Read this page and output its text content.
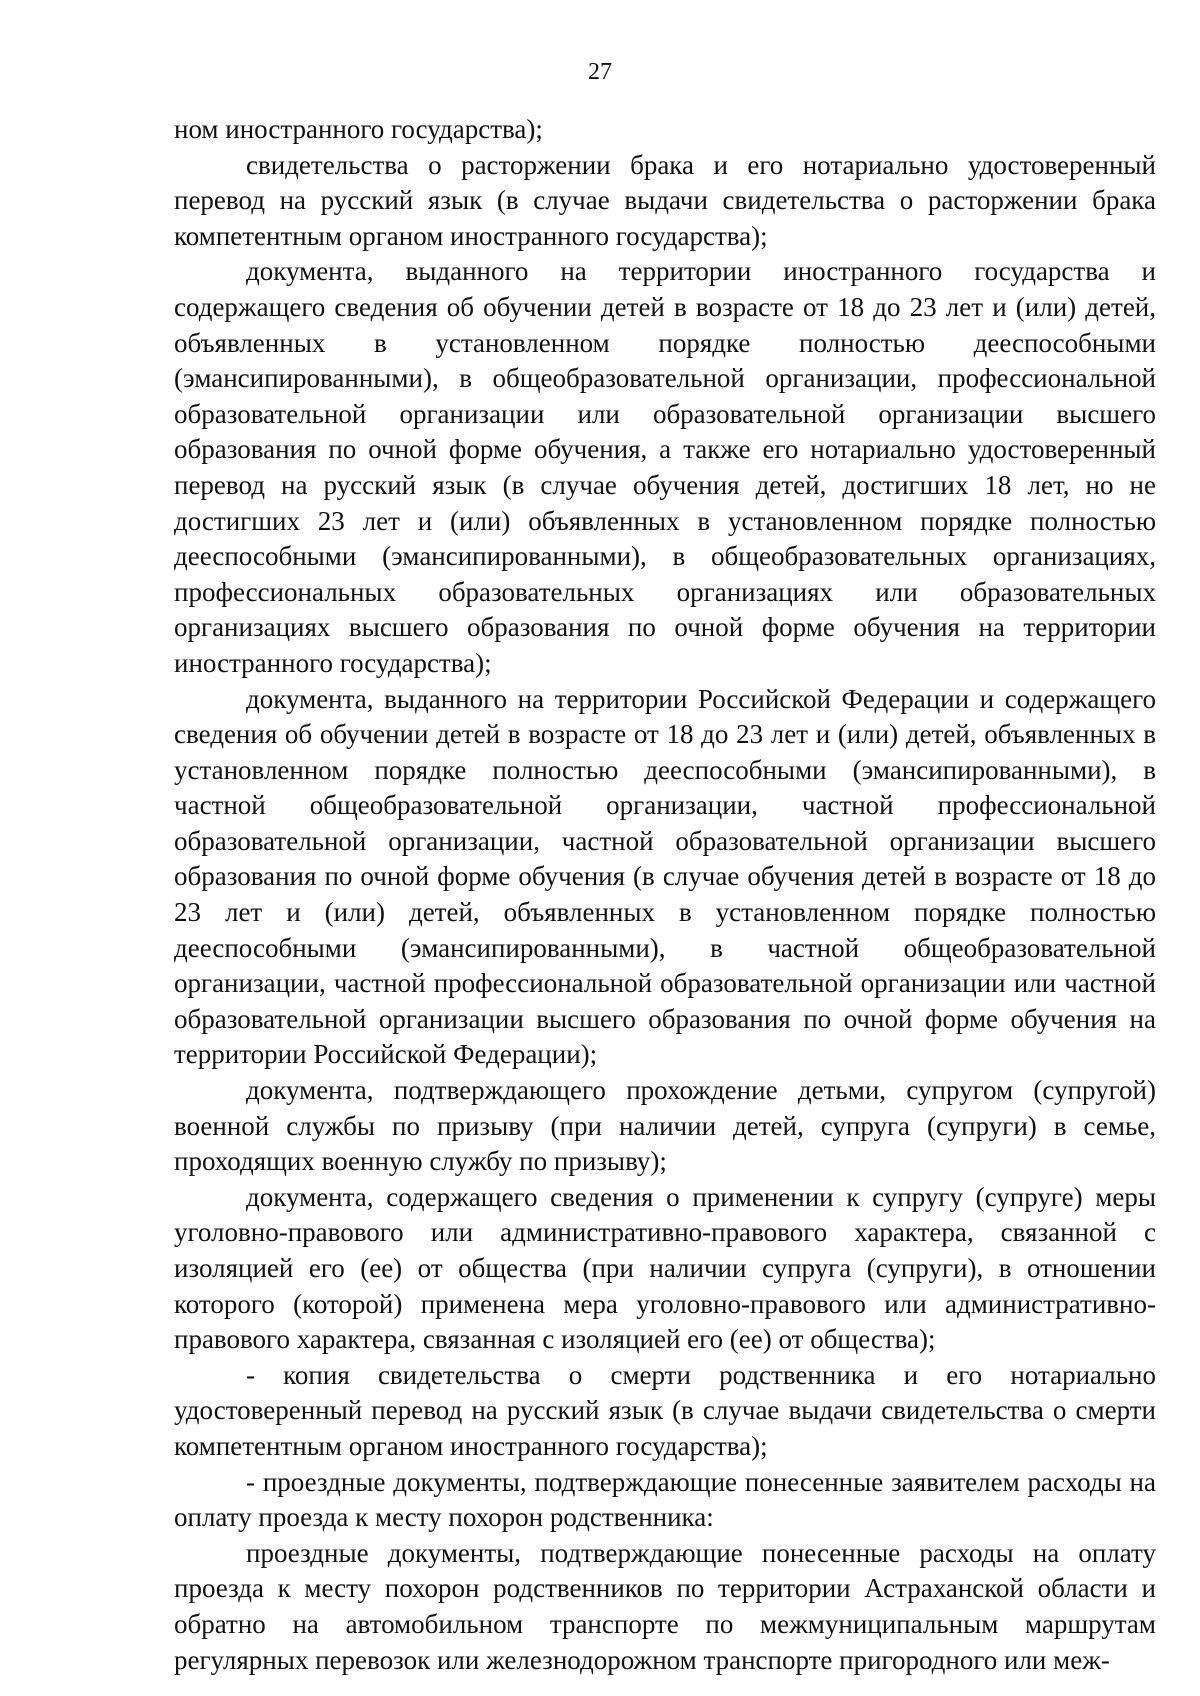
27

ном иностранного государства);

свидетельства о расторжении брака и его нотариально удостоверенный перевод на русский язык (в случае выдачи свидетельства о расторжении брака компетентным органом иностранного государства);

документа, выданного на территории иностранного государства и содержащего сведения об обучении детей в возрасте от 18 до 23 лет и (или) детей, объявленных в установленном порядке полностью дееспособными (эмансипированными), в общеобразовательной организации, профессиональной образовательной организации или образовательной организации высшего образования по очной форме обучения, а также его нотариально удостоверенный перевод на русский язык (в случае обучения детей, достигших 18 лет, но не достигших 23 лет и (или) объявленных в установленном порядке полностью дееспособными (эмансипированными), в общеобразовательных организациях, профессиональных образовательных организациях или образовательных организациях высшего образования по очной форме обучения на территории иностранного государства);

документа, выданного на территории Российской Федерации и содержащего сведения об обучении детей в возрасте от 18 до 23 лет и (или) детей, объявленных в установленном порядке полностью дееспособными (эмансипированными), в частной общеобразовательной организации, частной профессиональной образовательной организации, частной образовательной организации высшего образования по очной форме обучения (в случае обучения детей в возрасте от 18 до 23 лет и (или) детей, объявленных в установленном порядке полностью дееспособными (эмансипированными), в частной общеобразовательной организации, частной профессиональной образовательной организации или частной образовательной организации высшего образования по очной форме обучения на территории Российской Федерации);

документа, подтверждающего прохождение детьми, супругом (супругой) военной службы по призыву (при наличии детей, супруга (супруги) в семье, проходящих военную службу по призыву);

документа, содержащего сведения о применении к супругу (супруге) меры уголовно-правового или административно-правового характера, связанной с изоляцией его (ее) от общества (при наличии супруга (супруги), в отношении которого (которой) применена мера уголовно-правового или административно-правового характера, связанная с изоляцией его (ее) от общества);

- копия свидетельства о смерти родственника и его нотариально удостоверенный перевод на русский язык (в случае выдачи свидетельства о смерти компетентным органом иностранного государства);

- проездные документы, подтверждающие понесенные заявителем расходы на оплату проезда к месту похорон родственника:

проездные документы, подтверждающие понесенные расходы на оплату проезда к месту похорон родственников по территории Астраханской области и обратно на автомобильном транспорте по межмуниципальным маршрутам регулярных перевозок или железнодорожном транспорте пригородного или меж-
